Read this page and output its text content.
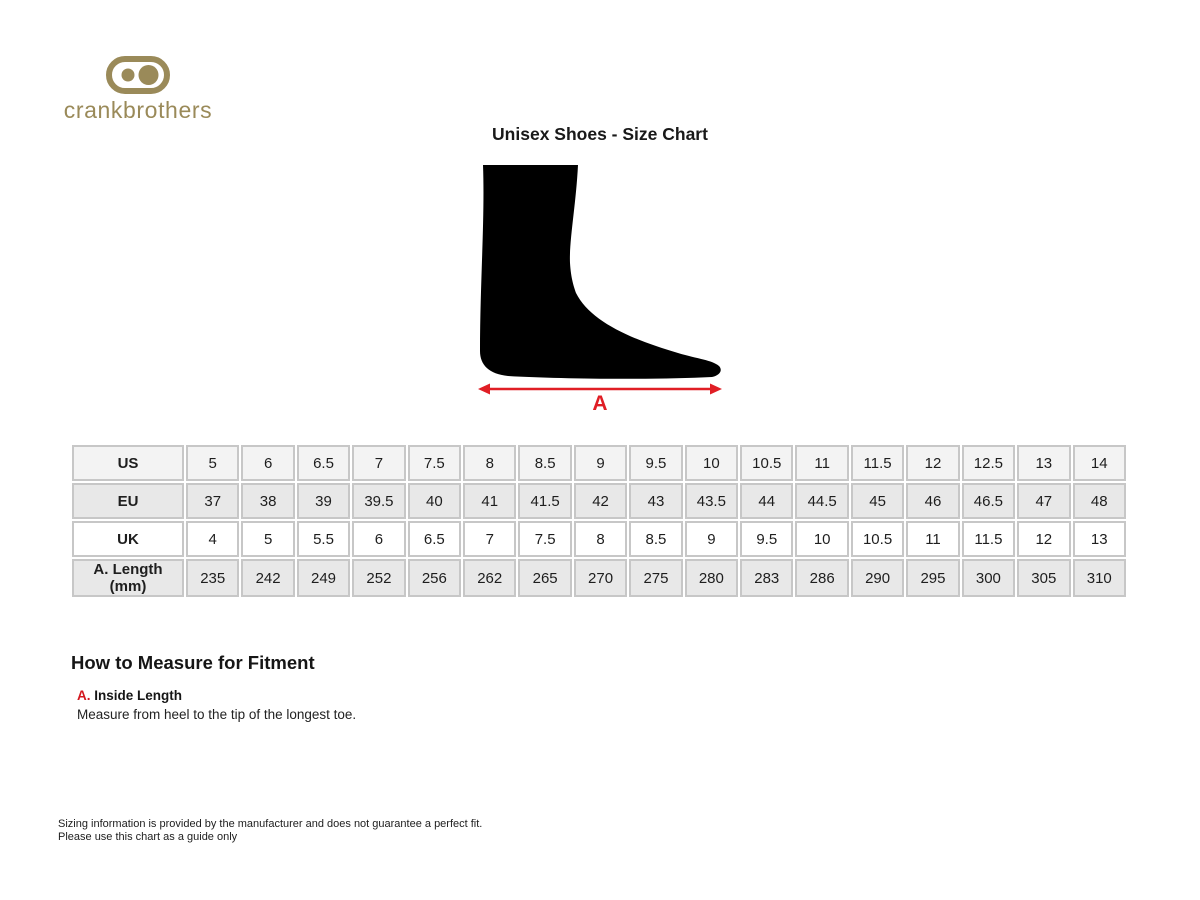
crankbrothers
Unisex Shoes - Size Chart
A
US	5	6	6.5	7	7.5	8	8.5	9	9.5	10	10.5	11	11.5	12	12.5	13	14
EU	37	38	39	39.5	40	41	41.5	42	43	43.5	44	44.5	45	46	46.5	47	48
UK	4	5	5.5	6	6.5	7	7.5	8	8.5	9	9.5	10	10.5	11	11.5	12	13
A. Length (mm)	235	242	249	252	256	262	265	270	275	280	283	286	290	295	300	305	310
How to Measure for Fitment
A. Inside Length
Measure from heel to the tip of the longest toe.
Sizing information is provided by the manufacturer and does not guarantee a perfect fit.
Please use this chart as a guide only
